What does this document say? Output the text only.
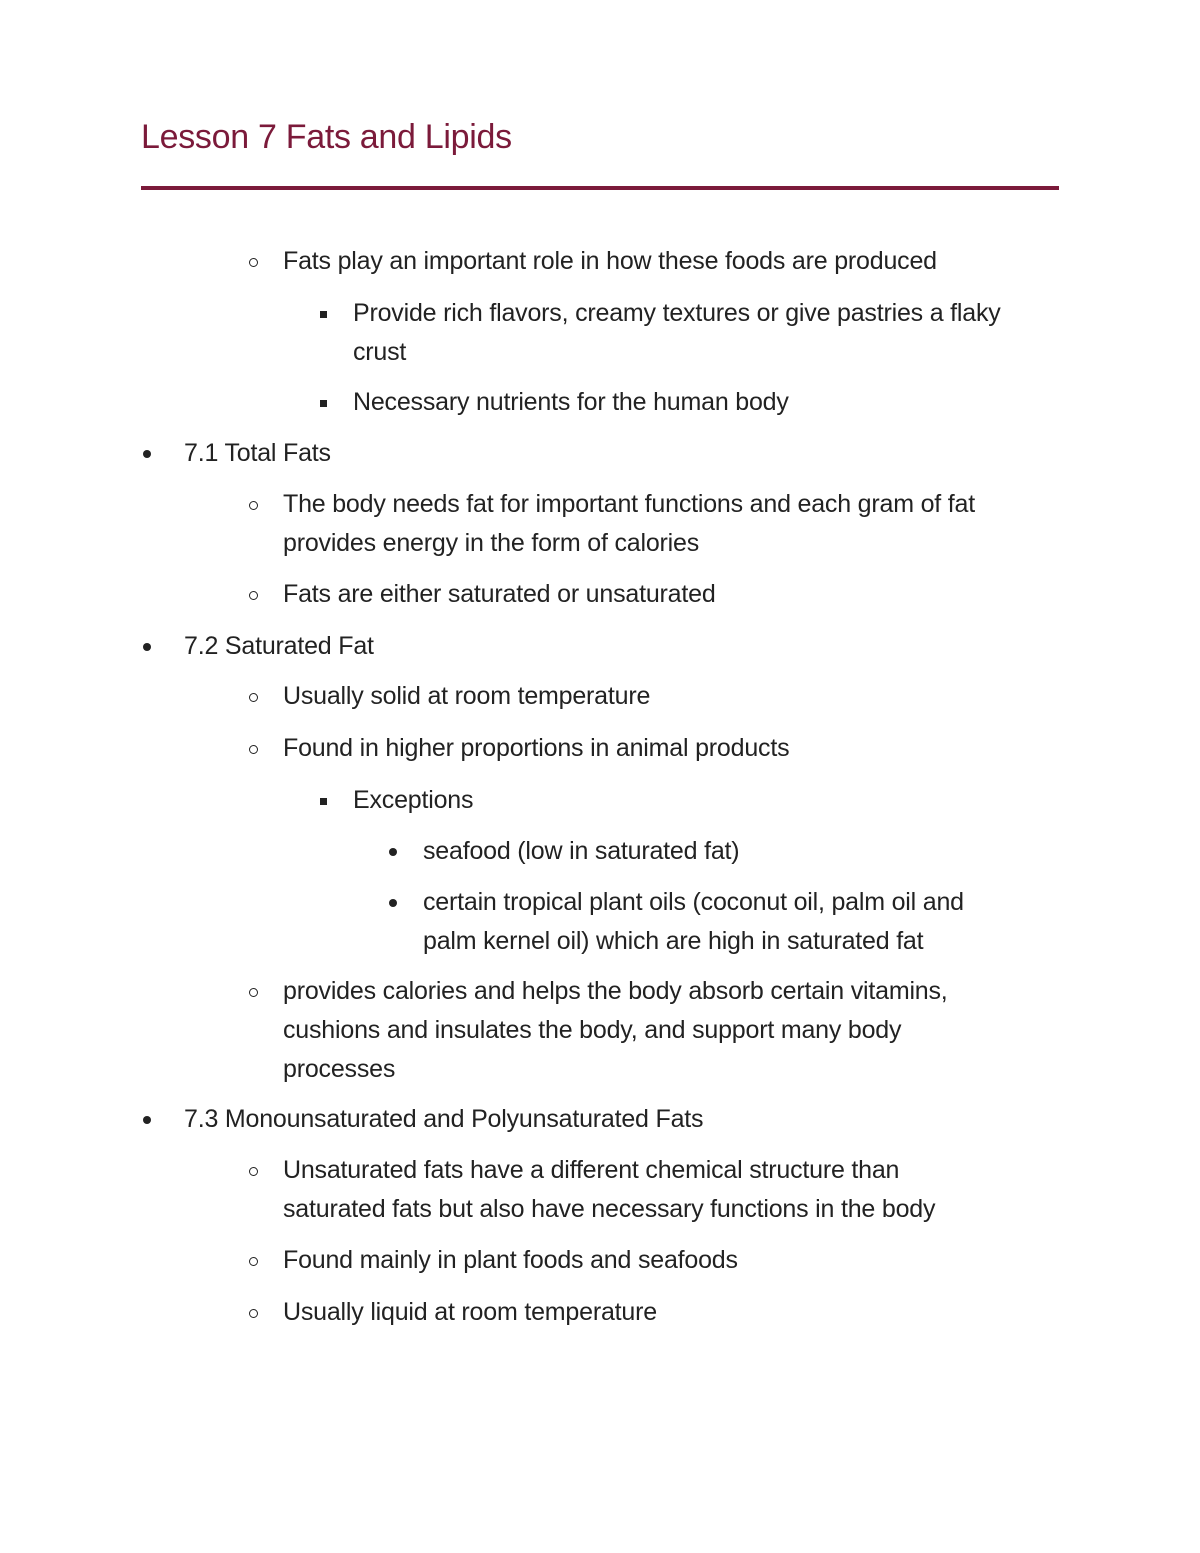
Lesson 7 Fats and Lipids
Fats play an important role in how these foods are produced
Provide rich flavors, creamy textures or give pastries a flaky
crust
Necessary nutrients for the human body
7.1 Total Fats
The body needs fat for important functions and each gram of fat
provides energy in the form of calories
Fats are either saturated or unsaturated
7.2 Saturated Fat
Usually solid at room temperature
Found in higher proportions in animal products
Exceptions
seafood (low in saturated fat)
certain tropical plant oils (coconut oil, palm oil and
palm kernel oil) which are high in saturated fat
provides calories and helps the body absorb certain vitamins,
cushions and insulates the body, and support many body
processes
7.3 Monounsaturated and Polyunsaturated Fats
Unsaturated fats have a different chemical structure than
saturated fats but also have necessary functions in the body
Found mainly in plant foods and seafoods
Usually liquid at room temperature
